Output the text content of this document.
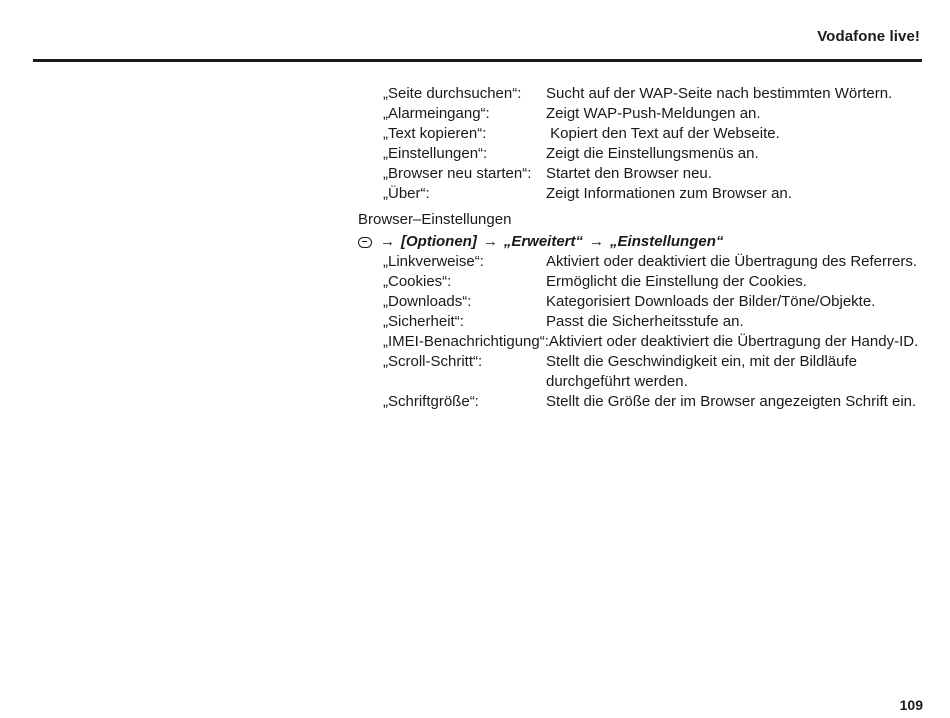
Vodafone live!
„Seite durchsuchen“:	Sucht auf der WAP-Seite nach bestimmten Wörtern.
„Alarmeingang“:	Zeigt WAP-Push-Meldungen an.
„Text kopieren“:	Kopiert den Text auf der Webseite.
„Einstellungen“:	Zeigt die Einstellungsmenüs an.
„Browser neu starten“: Startet den Browser neu.
„Über“:	Zeigt Informationen zum Browser an.
Browser–Einstellungen
→ [Optionen] → „Erweitert“ → „Einstellungen“
„Linkverweise“:	Aktiviert oder deaktiviert die Übertragung des Referrers.
„Cookies“:	Ermöglicht die Einstellung der Cookies.
„Downloads“:	Kategorisiert Downloads der Bilder/Töne/Objekte.
„Sicherheit“:	Passt die Sicherheitsstufe an.
„IMEI-Benachrichtigung“: Aktiviert oder deaktiviert die Übertragung der Handy-ID.
„Scroll-Schritt“:	Stellt die Geschwindigkeit ein, mit der Bildläufe durchgeführt werden.
„Schriftgröße“:	Stellt die Größe der im Browser angezeigten Schrift ein.
109
